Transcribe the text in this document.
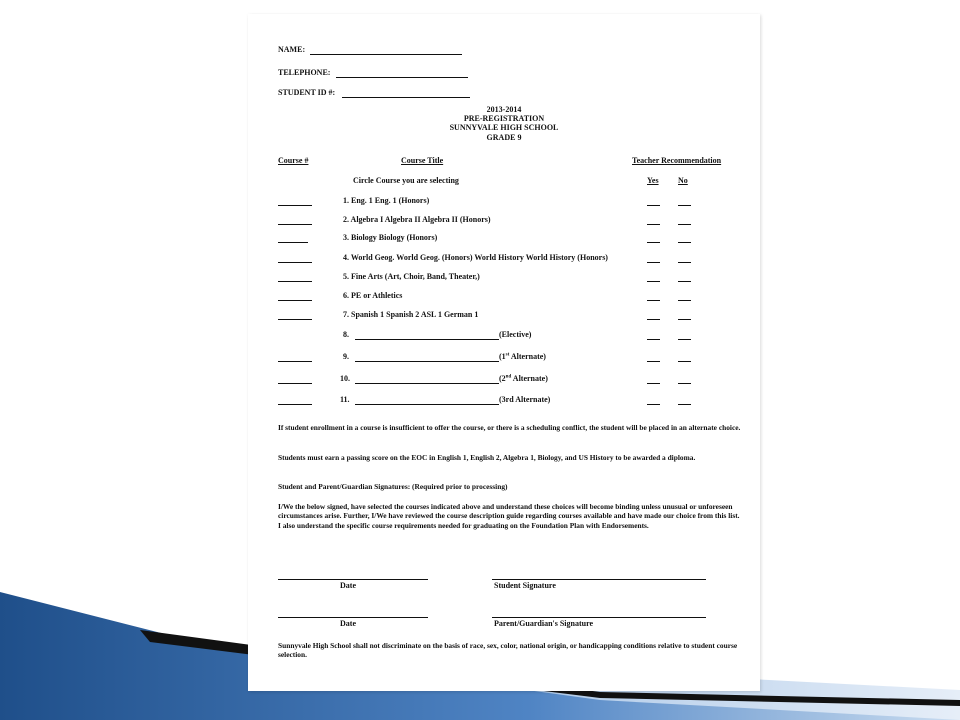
NAME:
TELEPHONE:
STUDENT ID #:
2013-2014
PRE-REGISTRATION
SUNNYVALE HIGH SCHOOL
GRADE 9
Course #	Course Title	Teacher Recommendation
Circle Course you are selecting	Yes No
1. Eng. 1 Eng. 1 (Honors)
2. Algebra I Algebra II Algebra II (Honors)
3. Biology Biology (Honors)
4. World Geog. World Geog. (Honors) World History World History (Honors)
5. Fine Arts (Art, Choir, Band, Theater,)
6. PE or Athletics
7. Spanish 1 Spanish 2 ASL 1 German 1
8.	(Elective)
9.	(1st Alternate)
10.	(2nd Alternate)
11.	(3rd Alternate)
If student enrollment in a course is insufficient to offer the course, or there is a scheduling conflict, the student will be placed in an alternate choice.
Students must earn a passing score on the EOC in English 1, English 2, Algebra 1, Biology, and US History to be awarded a diploma.
Student and Parent/Guardian Signatures: (Required prior to processing)
I/We the below signed, have selected the courses indicated above and understand these choices will become binding unless unusual or unforeseen circumstances arise. Further, I/We have reviewed the course description guide regarding courses available and have made our choice from this list. I also understand the specific course requirements needed for graduating on the Foundation Plan with Endorsements.
Date	Student Signature
Date	Parent/Guardian's Signature
Sunnyvale High School shall not discriminate on the basis of race, sex, color, national origin, or handicapping conditions relative to student course selection.
